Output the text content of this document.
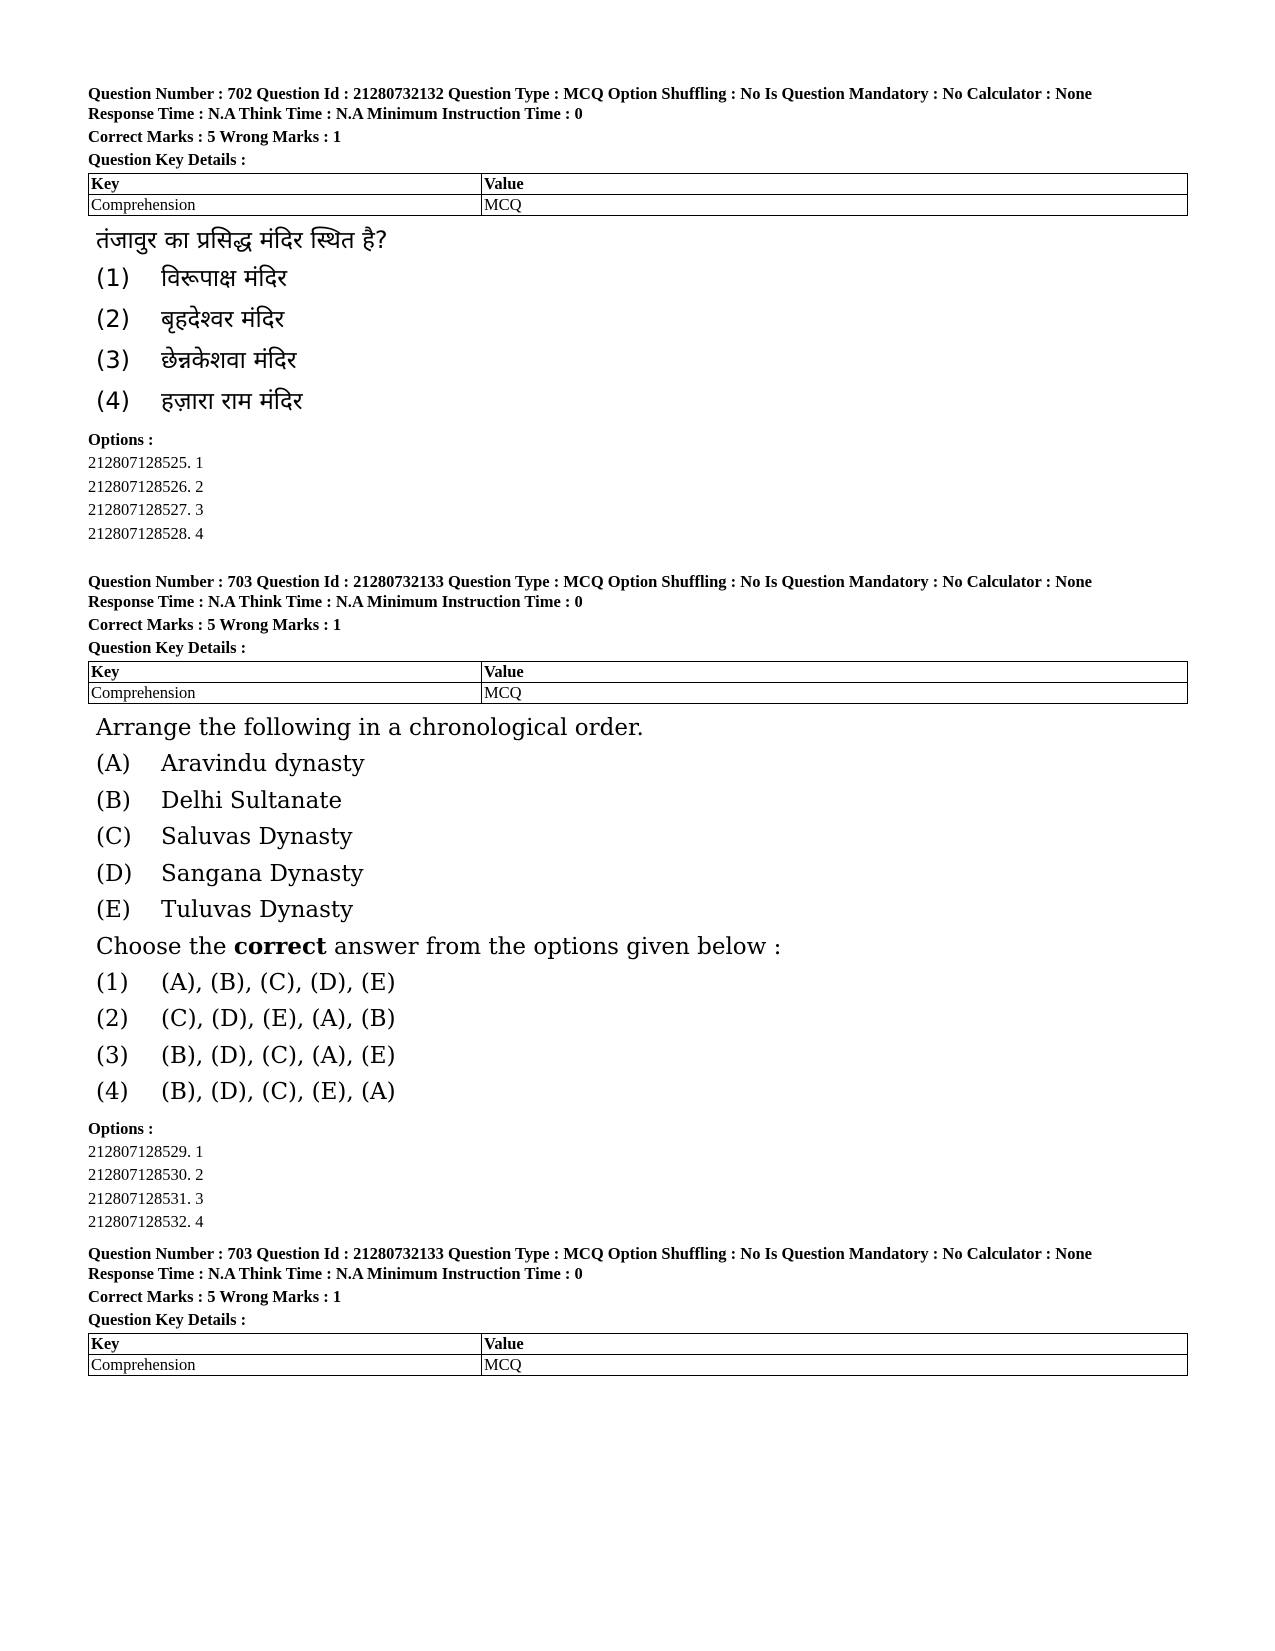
Question Number : 702 Question Id : 21280732132 Question Type : MCQ Option Shuffling : No Is Question Mandatory : No Calculator : None
Response Time : N.A Think Time : N.A Minimum Instruction Time : 0
Correct Marks : 5 Wrong Marks : 1
Question Key Details :
Key	Value
Comprehension	MCQ
तंजावुर का प्रसिद्ध मंदिर स्थित है?
(1)	विरूपाक्ष मंदिर
(2)	बृहदेश्वर मंदिर
(3)	छेन्नकेशवा मंदिर
(4)	हज़ारा राम मंदिर
Options :
212807128525. 1
212807128526. 2
212807128527. 3
212807128528. 4
Question Number : 703 Question Id : 21280732133 Question Type : MCQ Option Shuffling : No Is Question Mandatory : No Calculator : None
Response Time : N.A Think Time : N.A Minimum Instruction Time : 0
Correct Marks : 5 Wrong Marks : 1
Question Key Details :
Key	Value
Comprehension	MCQ
Arrange the following in a chronological order.
(A)	Aravindu dynasty
(B)	Delhi Sultanate
(C)	Saluvas Dynasty
(D)	Sangana Dynasty
(E)	Tuluvas Dynasty
Choose the correct answer from the options given below :
(1)	(A), (B), (C), (D), (E)
(2)	(C), (D), (E), (A), (B)
(3)	(B), (D), (C), (A), (E)
(4)	(B), (D), (C), (E), (A)
Options :
212807128529. 1
212807128530. 2
212807128531. 3
212807128532. 4
Question Number : 703 Question Id : 21280732133 Question Type : MCQ Option Shuffling : No Is Question Mandatory : No Calculator : None
Response Time : N.A Think Time : N.A Minimum Instruction Time : 0
Correct Marks : 5 Wrong Marks : 1
Question Key Details :
Key	Value
Comprehension	MCQ
